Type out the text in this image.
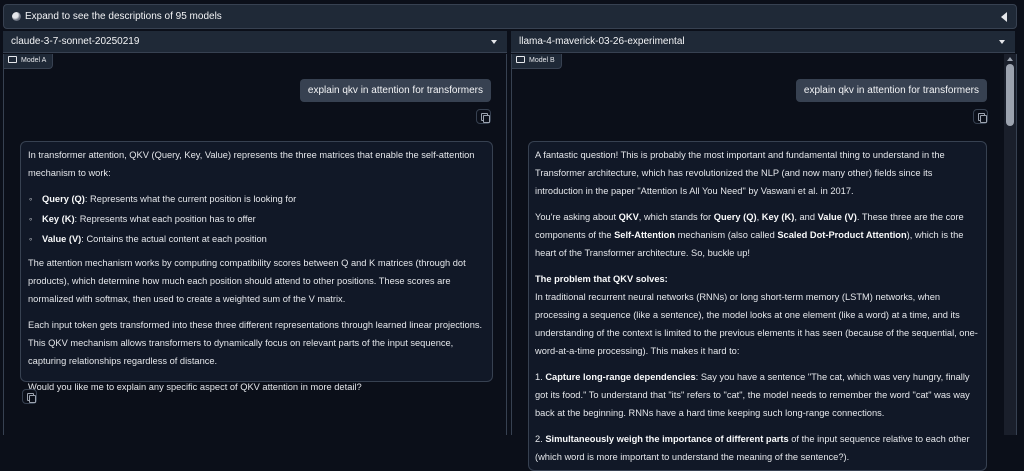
Expand to see the descriptions of 95 models
claude-3-7-sonnet-20250219	llama-4-maverick-03-26-experimental
Model A
explain qkv in attention for transformers

In transformer attention, QKV (Query, Key, Value) represents the three matrices that enable the self-attention mechanism to work:

◦ Query (Q): Represents what the current position is looking for
◦ Key (K): Represents what each position has to offer
◦ Value (V): Contains the actual content at each position

The attention mechanism works by computing compatibility scores between Q and K matrices (through dot products), which determine how much each position should attend to other positions. These scores are normalized with softmax, then used to create a weighted sum of the V matrix.

Each input token gets transformed into these three different representations through learned linear projections. This QKV mechanism allows transformers to dynamically focus on relevant parts of the input sequence, capturing relationships regardless of distance.

Would you like me to explain any specific aspect of QKV attention in more detail?

Model B
explain qkv in attention for transformers

A fantastic question! This is probably the most important and fundamental thing to understand in the Transformer architecture, which has revolutionized the NLP (and now many other) fields since its introduction in the paper "Attention Is All You Need" by Vaswani et al. in 2017.

You're asking about QKV, which stands for Query (Q), Key (K), and Value (V). These three are the core components of the Self-Attention mechanism (also called Scaled Dot-Product Attention), which is the heart of the Transformer architecture. So, buckle up!

The problem that QKV solves:
In traditional recurrent neural networks (RNNs) or long short-term memory (LSTM) networks, when processing a sequence (like a sentence), the model looks at one element (like a word) at a time, and its understanding of the context is limited to the previous elements it has seen (because of the sequential, one-word-at-a-time processing). This makes it hard to:

1. Capture long-range dependencies: Say you have a sentence "The cat, which was very hungry, finally got its food." To understand that "its" refers to "cat", the model needs to remember the word "cat" was way back at the beginning. RNNs have a hard time keeping such long-range connections.

2. Simultaneously weigh the importance of different parts of the input sequence relative to each other (which word is more important to understand the meaning of the sentence?).
